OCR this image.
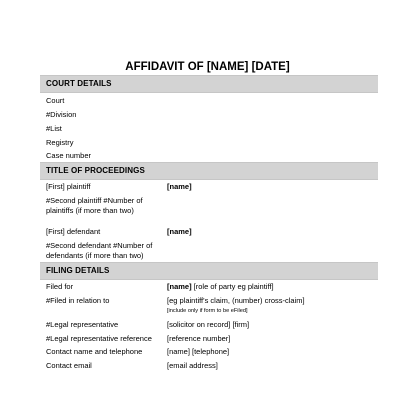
AFFIDAVIT OF [NAME] [DATE]
COURT DETAILS
Court
#Division
#List
Registry
Case number
TITLE OF PROCEEDINGS
[First] plaintiff	[name]
#Second plaintiff #Number of
plaintiffs (if more than two)
[First] defendant	[name]
#Second defendant #Number of
defendants (if more than two)
FILING DETAILS
Filed for	[name] [role of party eg plaintiff]
#Filed in relation to	[eg plaintiff's claim, (number) cross-claim]
[include only if form to be eFiled]
#Legal representative	[solicitor on record] [firm]
#Legal representative reference [reference number]
Contact name and telephone	[name] [telephone]
Contact email	[email address]
